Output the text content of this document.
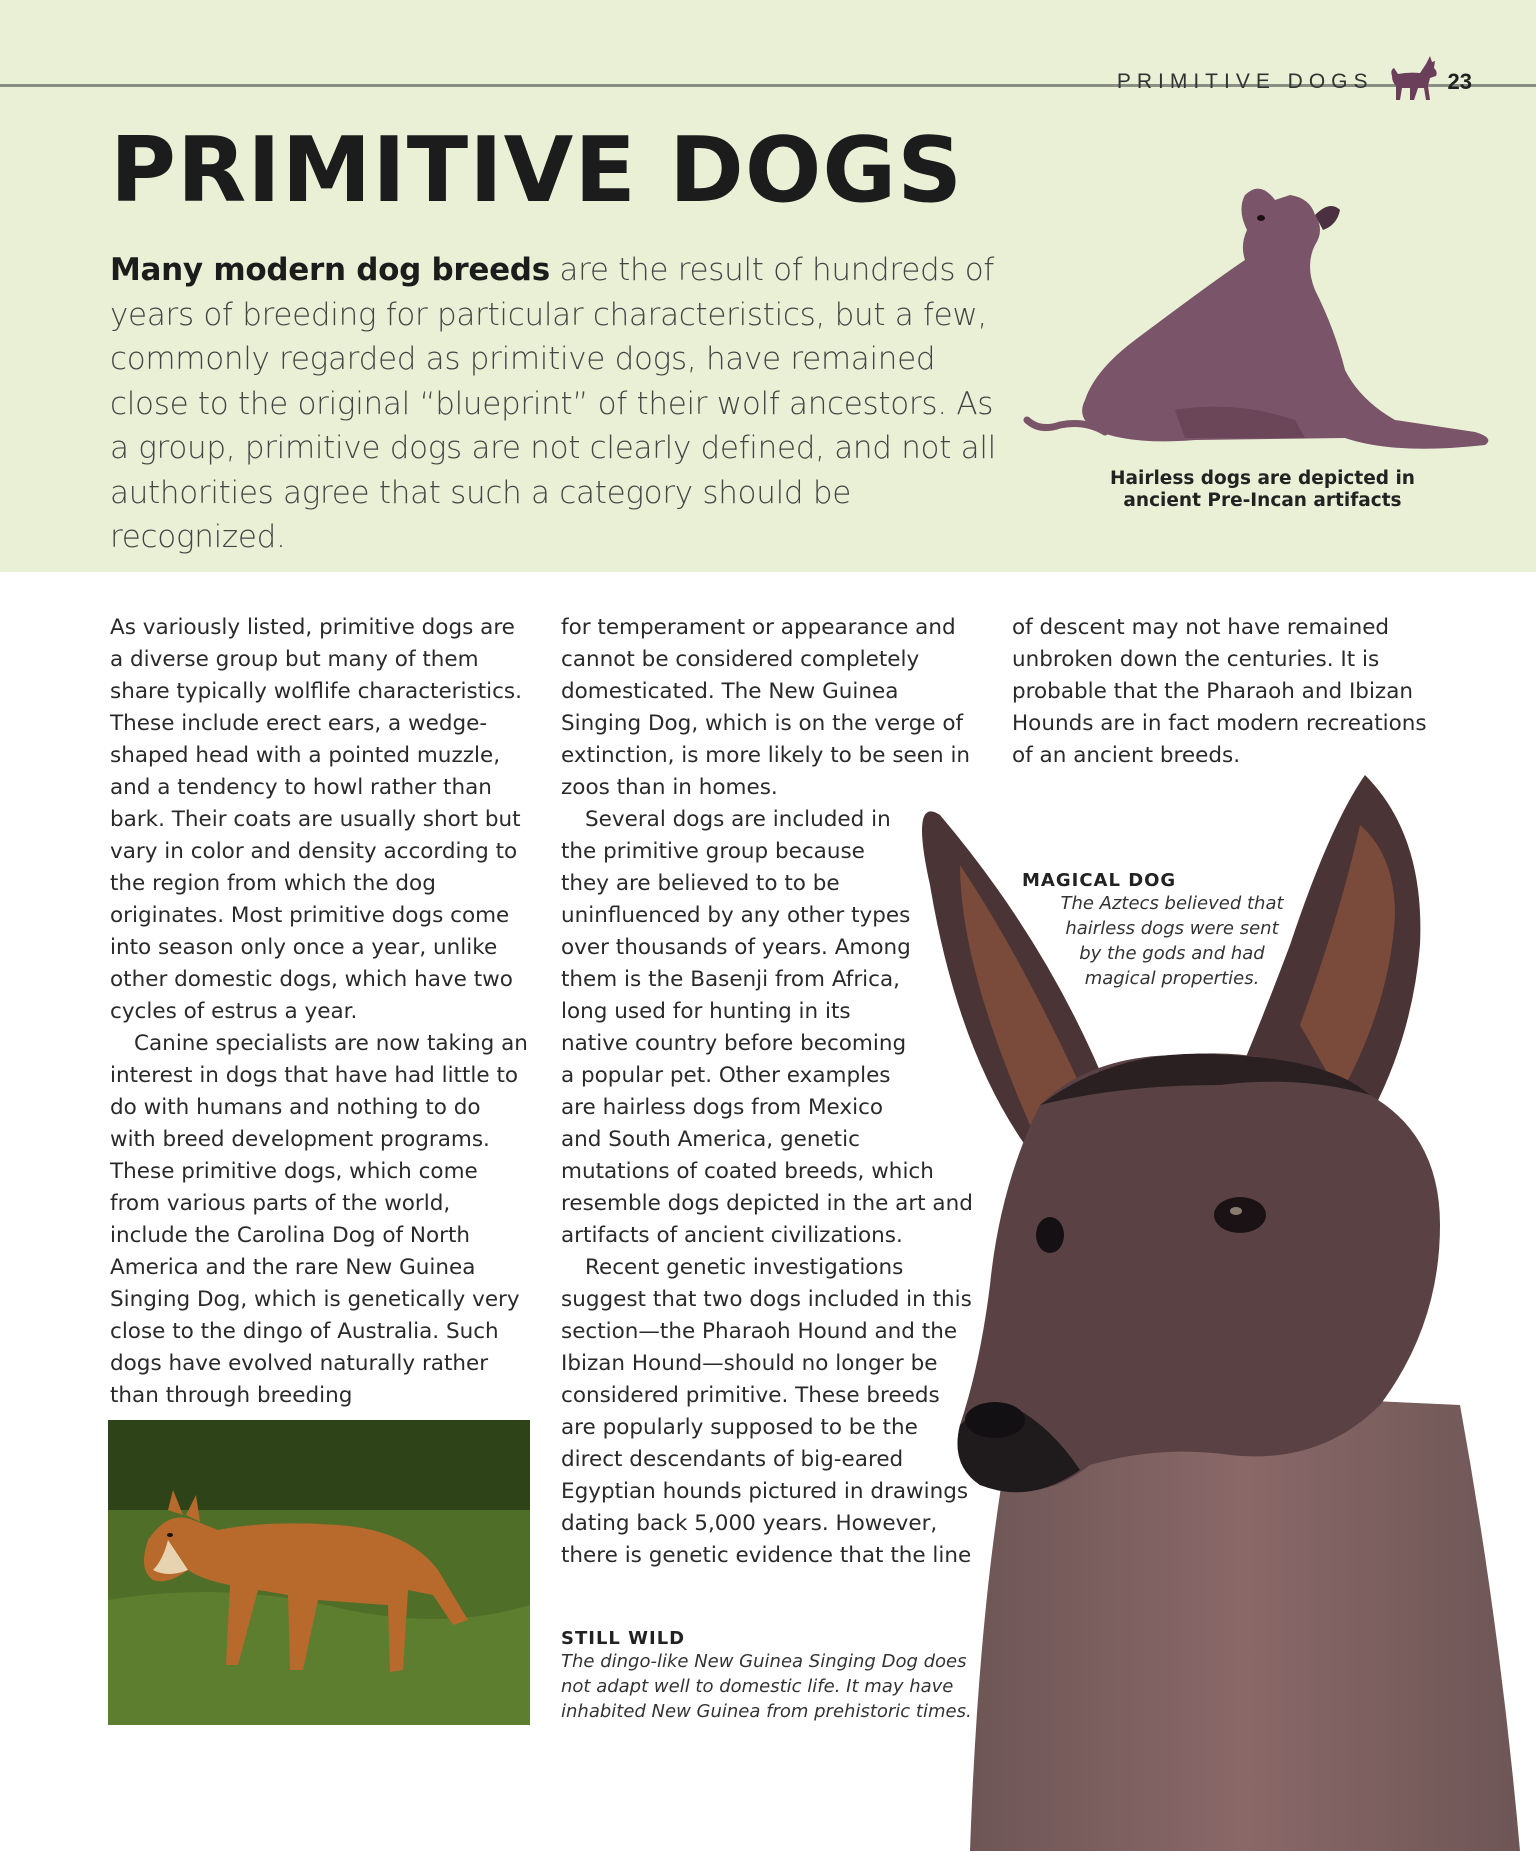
PRIMITIVE DOGS	23
PRIMITIVE DOGS

Many modern dog breeds are the result of hundreds of years of breeding for particular characteristics, but a few, commonly regarded as primitive dogs, have remained close to the original “blueprint” of their wolf ancestors. As a group, primitive dogs are not clearly defined, and not all authorities agree that such a category should be recognized.

Hairless dogs are depicted in
ancient Pre-Incan artifacts

As variously listed, primitive dogs are a diverse group but many of them share typically wolflife characteristics. These include erect ears, a wedge-shaped head with a pointed muzzle, and a tendency to howl rather than bark. Their coats are usually short but vary in color and density according to the region from which the dog originates. Most primitive dogs come into season only once a year, unlike other domestic dogs, which have two cycles of estrus a year.

Canine specialists are now taking an interest in dogs that have had little to do with humans and nothing to do with breed development programs. These primitive dogs, which come from various parts of the world, include the Carolina Dog of North America and the rare New Guinea Singing Dog, which is genetically very close to the dingo of Australia. Such dogs have evolved naturally rather than through breeding

for temperament or appearance and
cannot be considered completely
domesticated. The New Guinea
Singing Dog, which is on the verge of
extinction, is more likely to be seen in
zoos than in homes.
Several dogs are included in
the primitive group because
they are believed to to be
uninfluenced by any other types
over thousands of years. Among
them is the Basenji from Africa,
long used for hunting in its
native country before becoming
a popular pet. Other examples
are hairless dogs from Mexico
and South America, genetic
mutations of coated breeds, which
resemble dogs depicted in the art and
artifacts of ancient civilizations.
Recent genetic investigations
suggest that two dogs included in this
section—the Pharaoh Hound and the
Ibizan Hound—should no longer be
considered primitive. These breeds
are popularly supposed to be the
direct descendants of big-eared
Egyptian hounds pictured in drawings
dating back 5,000 years. However,
there is genetic evidence that the line

of descent may not have remained unbroken down the centuries. It is probable that the Pharaoh and Ibizan Hounds are in fact modern recreations of an ancient breeds.

STILL WILD
The dingo-like New Guinea Singing Dog does not adapt well to domestic life. It may have inhabited New Guinea from prehistoric times.
MAGICAL DOG
The Aztecs believed that
hairless dogs were sent
by the gods and had
magical properties.
